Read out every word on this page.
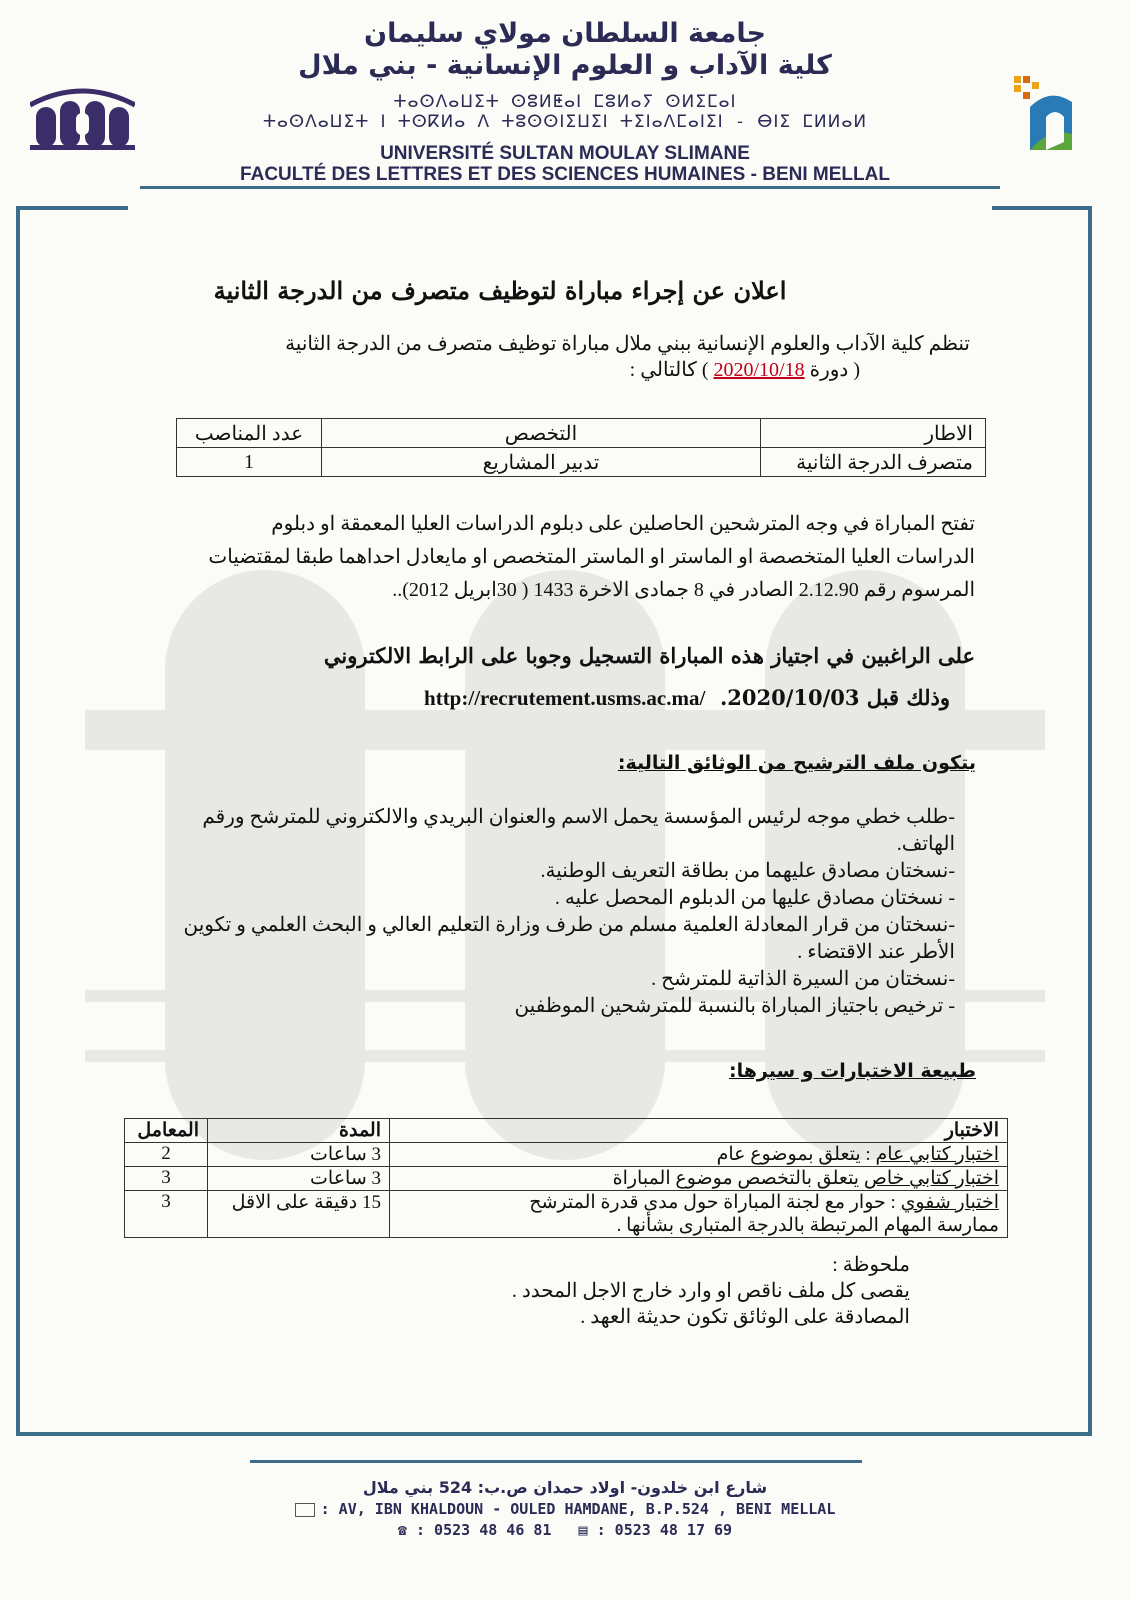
جامعة السلطان مولاي سليمان
كلية الآداب و العلوم الإنسانية - بني ملال
ⵜⴰⵙⴷⴰⵡⵉⵜ ⵙⵓⵍⵟⴰⵏ ⵎⵓⵍⴰⵢ ⵙⵍⵉⵎⴰⵏ
ⵜⴰⵙⴷⴰⵡⵉⵜ ⵏ ⵜⵙⴽⵍⴰ ⴷ ⵜⵓⵙⵙⵏⵉⵡⵉⵏ ⵜⵉⵏⴰⴷⵎⴰⵏⵉⵏ - ⴱⵏⵉ ⵎⵍⵍⴰⵍ
UNIVERSITÉ SULTAN MOULAY SLIMANE
FACULTÉ DES LETTRES ET DES SCIENCES HUMAINES - BENI MELLAL
اعلان عن إجراء مباراة لتوظيف متصرف من الدرجة الثانية
تنظم كلية الآداب والعلوم الإنسانية ببني ملال مباراة توظيف متصرف من الدرجة الثانية
( دورة 2020/10/18 ) كالتالي :
الاطار	التخصص	عدد المناصب
متصرف الدرجة الثانية	تدبير المشاريع	1
تفتح المباراة في وجه المترشحين الحاصلين على دبلوم الدراسات العليا المعمقة او دبلوم
الدراسات العليا المتخصصة او الماستر او الماستر المتخصص او مايعادل احداهما طبقا لمقتضيات
المرسوم رقم 2.12.90 الصادر في 8 جمادى الاخرة 1433 ( 30ابريل 2012)..
على الراغبين في اجتياز هذه المباراة التسجيل وجوبا على الرابط الالكتروني
وذلك قبل 2020/10/03.  http://recrutement.usms.ac.ma/
يتكون ملف الترشيح من الوثائق التالية:
-طلب خطي موجه لرئيس المؤسسة يحمل الاسم والعنوان البريدي والالكتروني للمترشح ورقم
الهاتف.
-نسختان مصادق عليهما من بطاقة التعريف الوطنية.
- نسختان مصادق عليها من الدبلوم المحصل عليه .
-نسختان من قرار المعادلة العلمية مسلم من طرف وزارة التعليم العالي و البحث العلمي و تكوين
الأطر عند الاقتضاء .
-نسختان من السيرة الذاتية للمترشح .
- ترخيص باجتياز المباراة بالنسبة للمترشحين الموظفين
طبيعة الاختبارات و سيرها:
الاختبار	المدة	المعامل
اختبار كتابي عام : يتعلق بموضوع عام	3 ساعات	2
اختبار كتابي خاص يتعلق بالتخصص موضوع المباراة	3 ساعات	3
اختبار شفوي : حوار مع لجنة المباراة حول مدى قدرة المترشح
ممارسة المهام المرتبطة بالدرجة المتبارى بشأنها .	15 دقيقة على الاقل	3
ملحوظة :
يقصى كل ملف ناقص او وارد خارج الاجل المحدد .
المصادقة على الوثائق تكون حديثة العهد .
شارع ابن خلدون- اولاد حمدان ص.ب: 524 بني ملال
: AV, IBN KHALDOUN - OULED HAMDANE, B.P.524 , BENI MELLAL
☎ : 0523 48 46 81 ▤ : 0523 48 17 69
